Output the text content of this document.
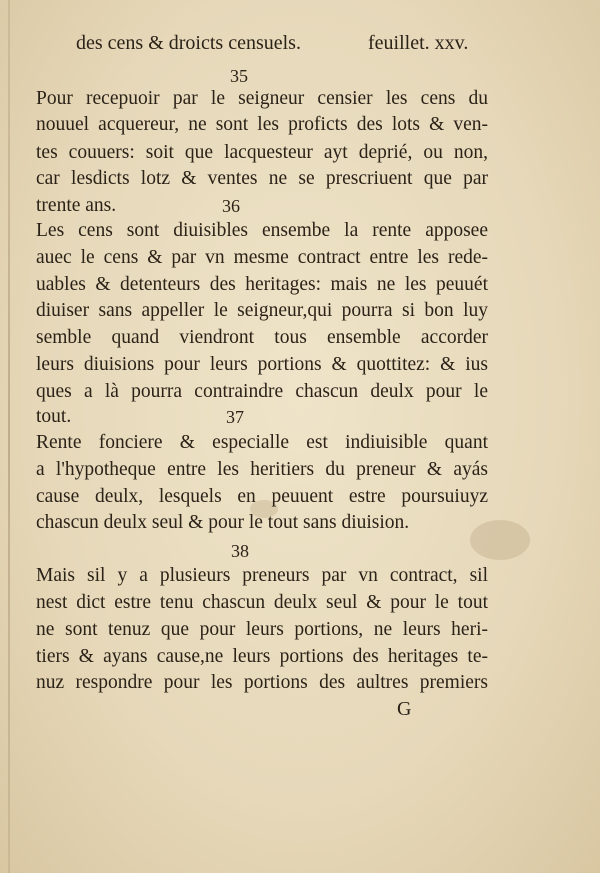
des cens & droicts censuels.	feuillet. xxv.
35
Pour recepuoir par le seigneur censier les cens du
nouuel acquereur, ne sont les proficts des lots & ven-
tes couuers: soit que lacquesteur ayt deprié, ou non,
car lesdicts lotz & ventes ne se prescriuent que par
trente ans.	36
Les cens sont diuisibles ensembe la rente apposee
auec le cens & par vn mesme contract entre les rede-
uables & detenteurs des heritages: mais ne les peuuét
diuiser sans appeller le seigneur,qui pourra si bon luy
semble quand viendront tous ensemble accorder
leurs diuisions pour leurs portions & quottitez: & ius
ques a là pourra contraindre chascun deulx pour le
tout.	37
Rente fonciere & especialle est indiuisible quant
a l'hypotheque entre les heritiers du preneur & ayás
cause deulx, lesquels en peuuent estre poursuiuyz
chascun deulx seul & pour le tout sans diuision.
38
Mais sil y a plusieurs preneurs par vn contract, sil
nest dict estre tenu chascun deulx seul & pour le tout
ne sont tenuz que pour leurs portions, ne leurs heri-
tiers & ayans cause,ne leurs portions des heritages te-
nuz respondre pour les portions des aultres premiers
G
